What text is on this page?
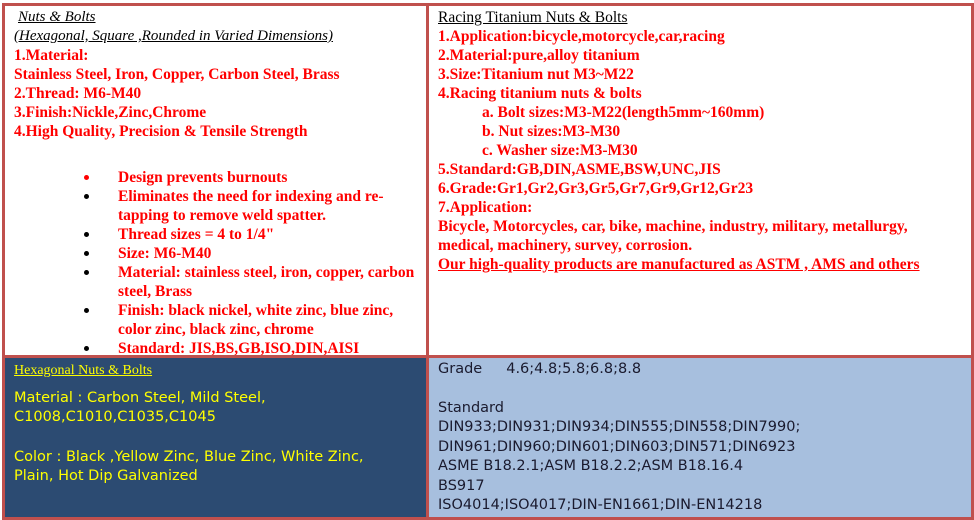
Nuts & Bolts
(Hexagonal, Square ,Rounded in Varied Dimensions)
1.Material:
Stainless Steel, Iron, Copper, Carbon Steel, Brass
2.Thread: M6-M40
3.Finish:Nickle,Zinc,Chrome
4.High Quality, Precision & Tensile Strength
Design prevents burnouts
Eliminates the need for indexing and re-tapping to remove weld spatter.
Thread sizes = 4 to 1/4"
Size: M6-M40
Material: stainless steel, iron, copper, carbon steel, Brass
Finish: black nickel, white zinc, blue zinc, color zinc, black zinc, chrome
Standard: JIS,BS,GB,ISO,DIN,AISI
Racing Titanium Nuts & Bolts
1.Application:bicycle,motorcycle,car,racing
2.Material:pure,alloy titanium
3.Size:Titanium nut M3~M22
4.Racing titanium nuts & bolts
a. Bolt sizes:M3-M22(length5mm~160mm)
b. Nut sizes:M3-M30
c. Washer size:M3-M30
5.Standard:GB,DIN,ASME,BSW,UNC,JIS
6.Grade:Gr1,Gr2,Gr3,Gr5,Gr7,Gr9,Gr12,Gr23
7.Application:
Bicycle, Motorcycles, car, bike, machine, industry, military, metallurgy,
medical, machinery, survey, corrosion.
Our high-quality products are manufactured as ASTM , AMS and others
Hexagonal Nuts & Bolts
Material : Carbon Steel, Mild Steel,
C1008,C1010,C1035,C1045
Color : Black ,Yellow Zinc, Blue Zinc, White Zinc,
Plain, Hot Dip Galvanized
Grade 4.6;4.8;5.8;6.8;8.8
Standard
DIN933;DIN931;DIN934;DIN555;DIN558;DIN7990;
DIN961;DIN960;DIN601;DIN603;DIN571;DIN6923
ASME B18.2.1;ASM B18.2.2;ASM B18.16.4
BS917
ISO4014;ISO4017;DIN-EN1661;DIN-EN14218
